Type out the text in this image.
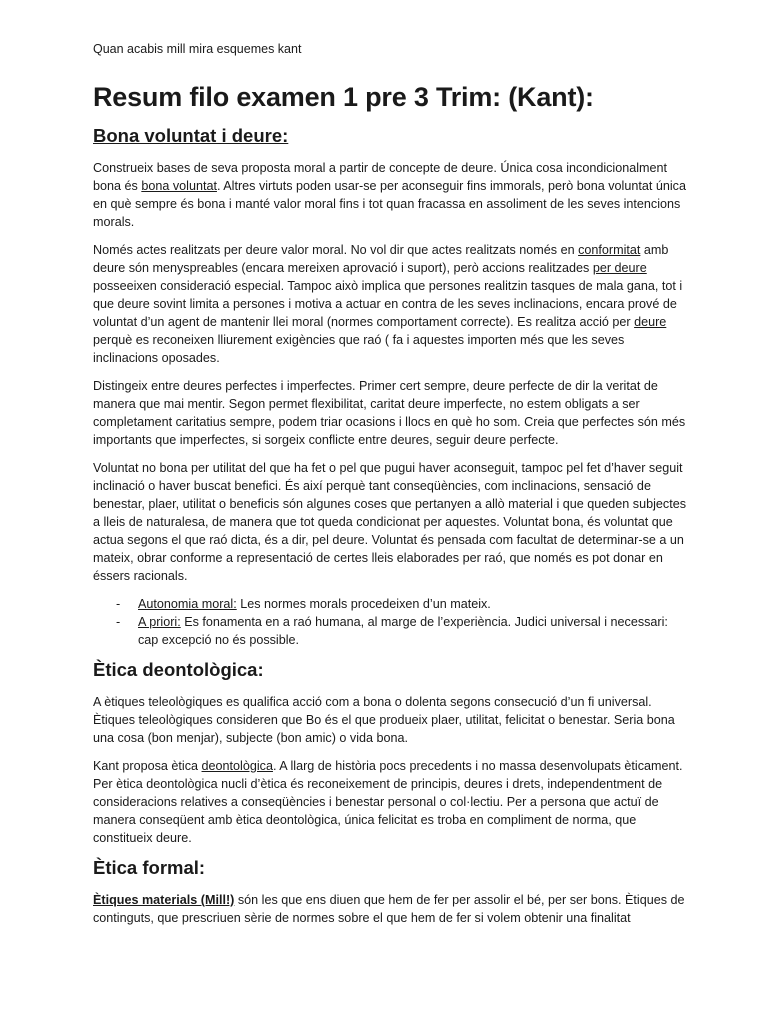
Quan acabis mill mira esquemes kant
Resum filo examen 1 pre 3 Trim: (Kant):
Bona voluntat i deure:

Construeix bases de seva proposta moral a partir de concepte de deure. Única cosa incondicionalment bona és bona voluntat. Altres virtuts poden usar-se per aconseguir fins immorals, però bona voluntat única en què sempre és bona i manté valor moral fins i tot quan fracassa en assoliment de les seves intencions morals.

Només actes realitzats per deure valor moral. No vol dir que actes realitzats només en conformitat amb deure són menyspreables (encara mereixen aprovació i suport), però accions realitzades per deure posseeixen consideració especial. Tampoc això implica que persones realitzin tasques de mala gana, tot i que deure sovint limita a persones i motiva a actuar en contra de les seves inclinacions, encara prové de voluntat d’un agent de mantenir llei moral (normes comportament correcte). Es realitza acció per deure perquè es reconeixen lliurement exigències que raó ( fa i aquestes importen més que les seves inclinacions oposades.

Distingeix entre deures perfectes i imperfectes. Primer cert sempre, deure perfecte de dir la veritat de manera que mai mentir. Segon permet flexibilitat, caritat deure imperfecte, no estem obligats a ser completament caritatius sempre, podem triar ocasions i llocs en què ho som. Creia que perfectes són més importants que imperfectes, si sorgeix conflicte entre deures, seguir deure perfecte.

Voluntat no bona per utilitat del que ha fet o pel que pugui haver aconseguit, tampoc pel fet d’haver seguit inclinació o haver buscat benefici. És així perquè tant conseqüències, com inclinacions, sensació de benestar, plaer, utilitat o beneficis són algunes coses que pertanyen a allò material i que queden subjectes a lleis de naturalesa, de manera que tot queda condicionat per aquestes. Voluntat bona, és voluntat que actua segons el que raó dicta, és a dir, pel deure. Voluntat és pensada com facultat de determinar-se a un mateix, obrar conforme a representació de certes lleis elaborades per raó, que només es pot donar en éssers racionals.

- Autonomia moral: Les normes morals procedeixen d’un mateix.
- A priori: Es fonamenta en a raó humana, al marge de l’experiència. Judici universal i necessari: cap excepció no és possible.
Ètica deontològica:

A ètiques teleològiques es qualifica acció com a bona o dolenta segons consecució d’un fi universal. Ètiques teleològiques consideren que Bo és el que produeix plaer, utilitat, felicitat o benestar. Seria bona una cosa (bon menjar), subjecte (bon amic) o vida bona.

Kant proposa ètica deontològica. A llarg de història pocs precedents i no massa desenvolupats èticament. Per ètica deontològica nucli d’ètica és reconeixement de principis, deures i drets, independentment de consideracions relatives a conseqüències i benestar personal o col·lectiu. Per a persona que actuï de manera conseqüent amb ètica deontològica, única felicitat es troba en compliment de norma, que constitueix deure.

Ètica formal:

Ètiques materials (Mill!) són les que ens diuen que hem de fer per assolir el bé, per ser bons. Ètiques de continguts, que prescriuen sèrie de normes sobre el que hem de fer si volem obtenir una finalitat
